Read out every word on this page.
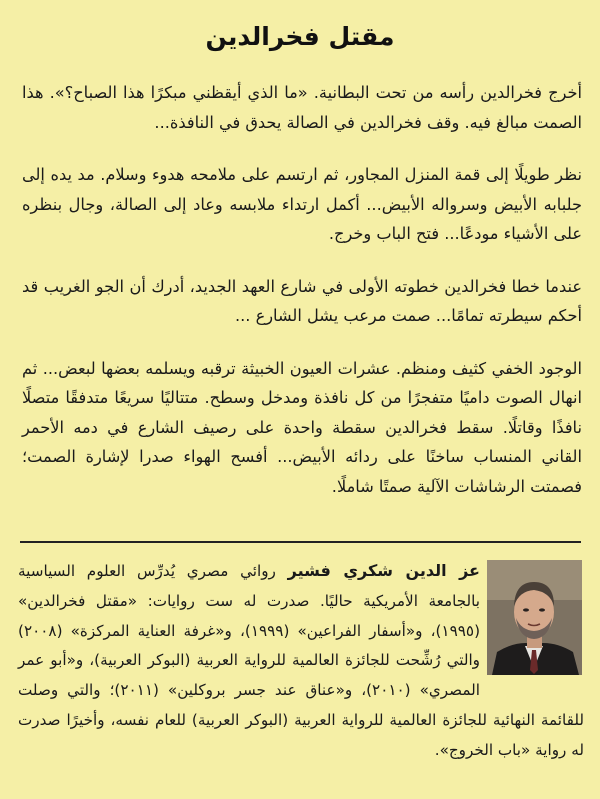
مقتل فخرالدين

أخرج فخرالدين رأسه من تحت البطانية. «ما الذي أيقظني مبكرًا هذا الصباح؟». هذا الصمت مبالغ فيه. وقف فخرالدين في الصالة يحدق في النافذة...

نظر طويلًا إلى قمة المنزل المجاور، ثم ارتسم على ملامحه هدوء وسلام. مد يده إلى جلبابه الأبيض وسرواله الأبيض... أكمل ارتداء ملابسه وعاد إلى الصالة، وجال بنظره على الأشياء مودعًا... فتح الباب وخرج.

عندما خطا فخرالدين خطوته الأولى في شارع العهد الجديد، أدرك أن الجو الغريب قد أحكم سيطرته تمامًا... صمت مرعب يشل الشارع ...

الوجود الخفي كثيف ومنظم. عشرات العيون الخبيثة ترقبه ويسلمه بعضها لبعض... ثم انهال الصوت داميًا متفجرًا من كل نافذة ومدخل وسطح. متتاليًا سريعًا متدفقًا متصلًا نافذًا وقاتلًا. سقط فخرالدين سقطة واحدة على رصيف الشارع في دمه الأحمر القاني المنساب ساخنًا على ردائه الأبيض... أفسح الهواء صدرا لإشارة الصمت؛ فصمتت الرشاشات الآلية صمتًا شاملًا.

عز الدين شكري فشير روائي مصري يُدرِّس العلوم السياسية بالجامعة الأمريكية حاليًا. صدرت له ست روايات: «مقتل فخرالدين» (١٩٩٥)، و«أسفار الفراعين» (١٩٩٩)، و«غرفة العناية المركزة» (٢٠٠٨) والتي رُشِّحت للجائزة العالمية للرواية العربية (البوكر العربية)، و«أبو عمر المصري» (٢٠١٠)، و«عناق عند جسر بروكلين» (٢٠١١)؛ والتي وصلت للقائمة النهائية للجائزة العالمية للرواية العربية (البوكر العربية) للعام نفسه، وأخيرًا صدرت له رواية «باب الخروج».
